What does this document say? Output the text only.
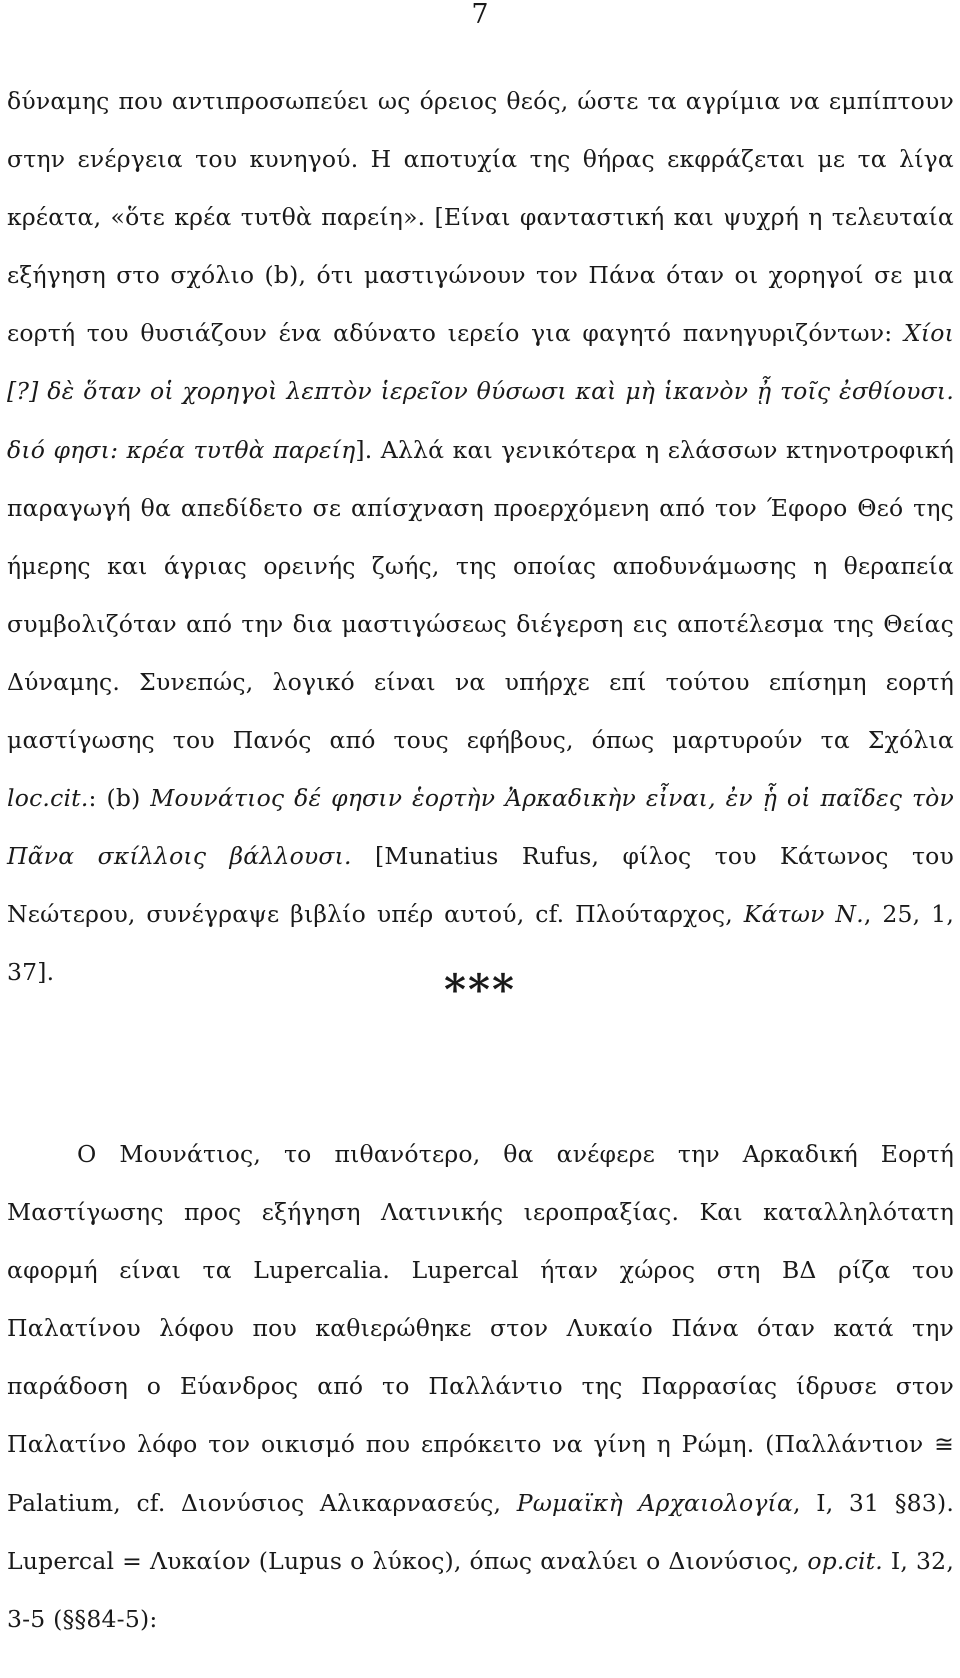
7
δύναμης που αντιπροσωπεύει ως όρειος θεός, ώστε τα αγρίμια να εμπίπτουν στην ενέργεια του κυνηγού. Η αποτυχία της θήρας εκφράζεται με τα λίγα κρέατα, «ὅτε κρέα τυτθὰ παρείη». [Είναι φανταστική και ψυχρή η τελευταία εξήγηση στο σχόλιο (b), ότι μαστιγώνουν τον Πάνα όταν οι χορηγοί σε μια εορτή του θυσιάζουν ένα αδύνατο ιερείο για φαγητό πανηγυριζόντων: Χίοι [?] δὲ ὅταν οἱ χορηγοὶ λεπτὸν ἱερεῖον θύσωσι καὶ μὴ ἱκανὸν ᾖ τοῖς ἐσθίουσι. διό φησι: κρέα τυτθὰ παρείη]. Αλλά και γενικότερα η ελάσσων κτηνοτροφική παραγωγή θα απεδίδετο σε απίσχναση προερχόμενη από τον Έφορο Θεό της ήμερης και άγριας ορεινής ζωής, της οποίας αποδυνάμωσης η θεραπεία συμβολιζόταν από την δια μαστιγώσεως διέγερση εις αποτέλεσμα της Θείας Δύναμης. Συνεπώς, λογικό είναι να υπήρχε επί τούτου επίσημη εορτή μαστίγωσης του Πανός από τους εφήβους, όπως μαρτυρούν τα Σχόλια loc.cit.: (b) Μουνάτιος δέ φησιν ἑορτὴν Ἀρκαδικὴν εἶναι, ἐν ᾗ οἱ παῖδες τὸν Πᾶνα σκίλλοις βάλλουσι. [Munatius Rufus, φίλος του Κάτωνος του Νεώτερου, συνέγραψε βιβλίο υπέρ αυτού, cf. Πλούταρχος, Κάτων Ν., 25, 1, 37].	***
Ο Μουνάτιος, το πιθανότερο, θα ανέφερε την Αρκαδική Εορτή Μαστίγωσης προς εξήγηση Λατινικής ιεροπραξίας. Και καταλληλότατη αφορμή είναι τα Lupercalia. Lupercal ήταν χώρος στη ΒΔ ρίζα του Παλατίνου λόφου που καθιερώθηκε στον Λυκαίο Πάνα όταν κατά την παράδοση ο Εύανδρος από το Παλλάντιο της Παρρασίας ίδρυσε στον Παλατίνο λόφο τον οικισμό που επρόκειτο να γίνη η Ρώμη. (Παλλάντιον ≅ Palatium, cf. Διονύσιος Αλικαρνασεύς, Ρωμαϊκὴ Αρχαιολογία, I, 31 §83). Lupercal = Λυκαίον (Lupus ο λύκος), όπως αναλύει ο Διονύσιος, op.cit. I, 32, 3-5 (§§84-5):
